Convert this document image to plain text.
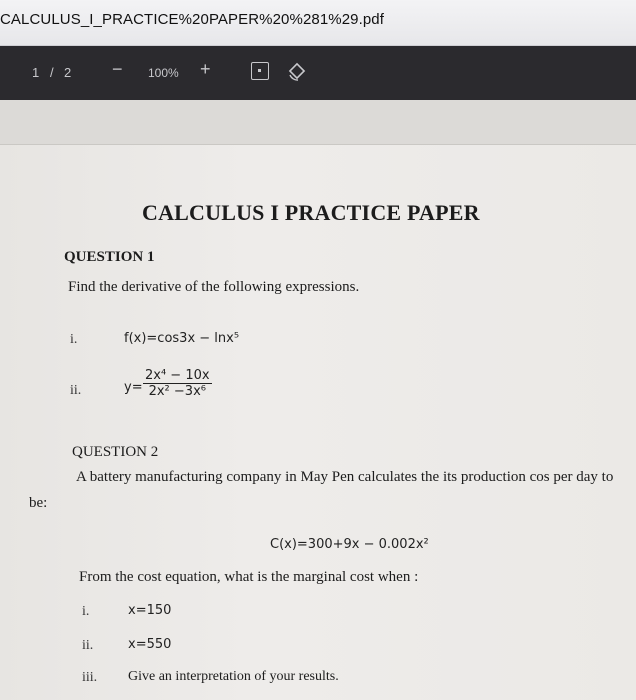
CALCULUS_I_PRACTICE%20PAPER%20%281%29.pdf
1 / 2 − 100% +
CALCULUS I PRACTICE PAPER
QUESTION 1
Find the derivative of the following expressions.
i.	f(x)=cos3x − lnx⁵
ii.	$y= \frac{\text{2x⁴ − 10x}}{\text{2x² −3x⁶}}$
QUESTION 2
A battery manufacturing company in May Pen calculates the its production cos per day to
be:
C(x)=300+9x − 0.002x²
From the cost equation, what is the marginal cost when :
i.	x=150
ii.	x=550
iii. Give an interpretation of your results.
